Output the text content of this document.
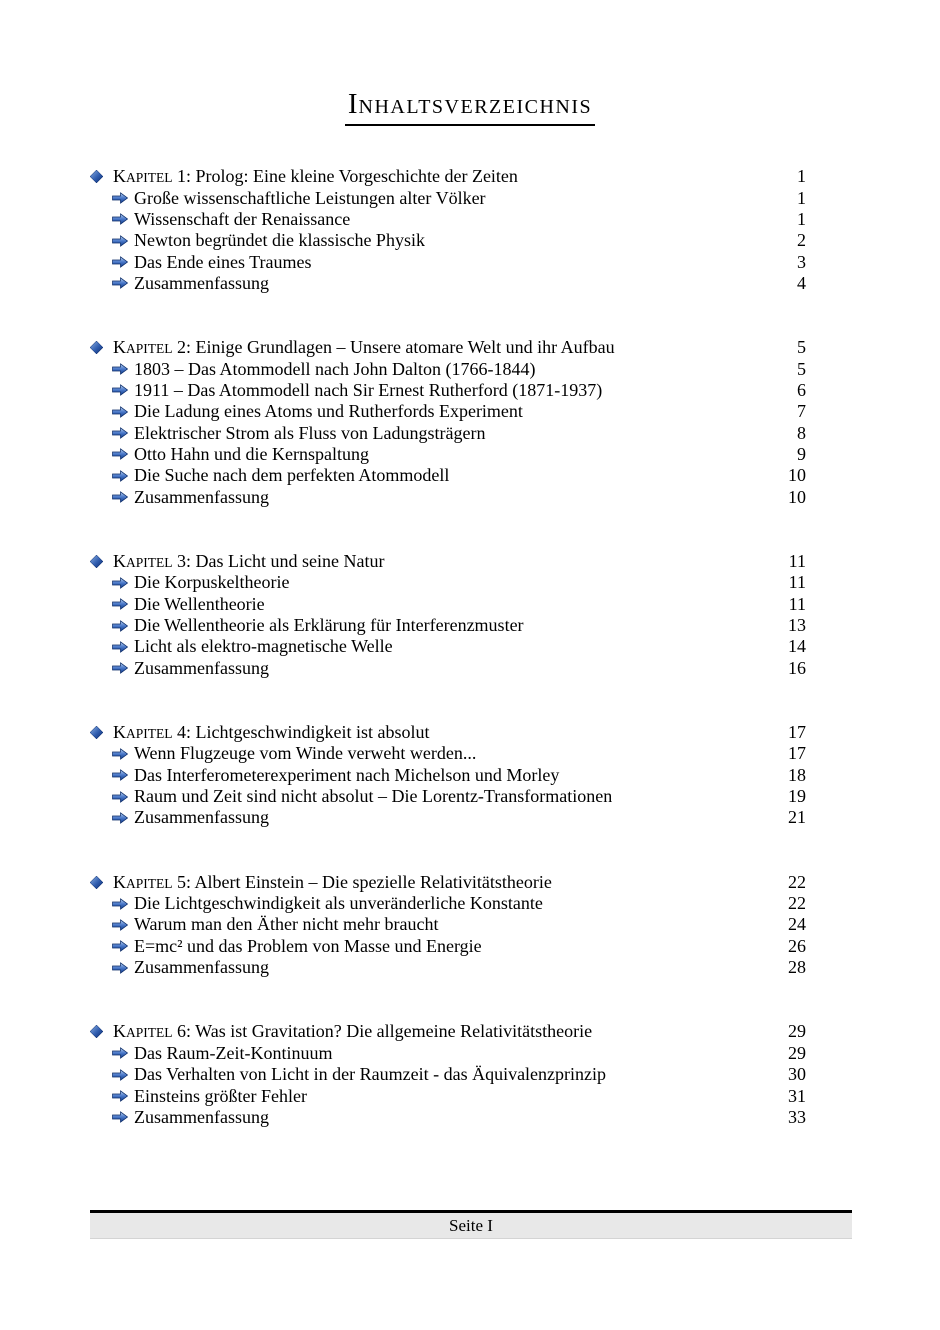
INHALTSVERZEICHNIS
KAPITEL 1: Prolog: Eine kleine Vorgeschichte der Zeiten	1
Große wissenschaftliche Leistungen alter Völker	1
Wissenschaft der Renaissance	1
Newton begründet die klassische Physik	2
Das Ende eines Traumes	3
Zusammenfassung	4
KAPITEL 2: Einige Grundlagen – Unsere atomare Welt und ihr Aufbau	5
1803 – Das Atommodell nach John Dalton (1766-1844)	5
1911 – Das Atommodell nach Sir Ernest Rutherford (1871-1937)	6
Die Ladung eines Atoms und Rutherfords Experiment	7
Elektrischer Strom als Fluss von Ladungsträgern	8
Otto Hahn und die Kernspaltung	9
Die Suche nach dem perfekten Atommodell	10
Zusammenfassung	10
KAPITEL 3: Das Licht und seine Natur	11
Die Korpuskeltheorie	11
Die Wellentheorie	11
Die Wellentheorie als Erklärung für Interferenzmuster	13
Licht als elektro-magnetische Welle	14
Zusammenfassung	16
KAPITEL 4: Lichtgeschwindigkeit ist absolut	17
Wenn Flugzeuge vom Winde verweht werden...	17
Das Interferometerexperiment nach Michelson und Morley	18
Raum und Zeit sind nicht absolut – Die Lorentz-Transformationen	19
Zusammenfassung	21
KAPITEL 5: Albert Einstein – Die spezielle Relativitätstheorie	22
Die Lichtgeschwindigkeit als unveränderliche Konstante	22
Warum man den Äther nicht mehr braucht	24
E=mc² und das Problem von Masse und Energie	26
Zusammenfassung	28
KAPITEL 6: Was ist Gravitation? Die allgemeine Relativitätstheorie	29
Das Raum-Zeit-Kontinuum	29
Das Verhalten von Licht in der Raumzeit - das Äquivalenzprinzip	30
Einsteins größter Fehler	31
Zusammenfassung	33
Seite I
